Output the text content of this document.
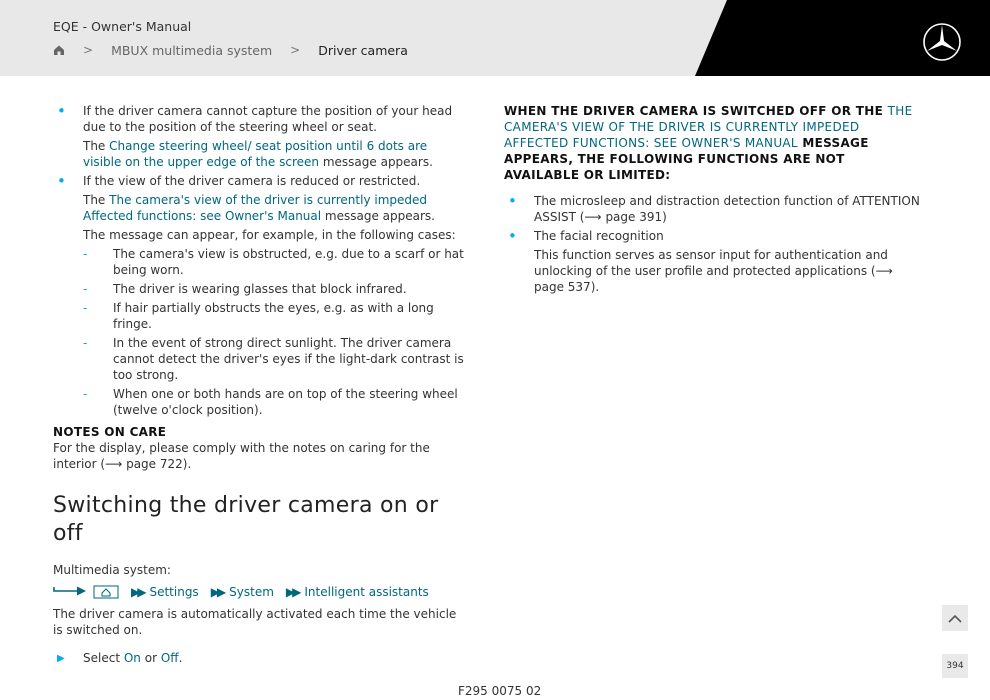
EQE - Owner's Manual
> MBUX multimedia system > Driver camera
• If the driver camera cannot capture the position of your head due to the position of the steering wheel or seat.
The Change steering wheel/ seat position until 6 dots are visible on the upper edge of the screen message appears.
• If the view of the driver camera is reduced or restricted.
The The camera's view of the driver is currently impeded Affected functions: see Owner's Manual message appears.
The message can appear, for example, in the following cases:
- The camera's view is obstructed, e.g. due to a scarf or hat being worn.
- The driver is wearing glasses that block infrared.
- If hair partially obstructs the eyes, e.g. as with a long fringe.
- In the event of strong direct sunlight. The driver camera cannot detect the driver's eyes if the light-dark contrast is too strong.
- When one or both hands are on top of the steering wheel (twelve o'clock position).
NOTES ON CARE
For the display, please comply with the notes on caring for the interior (⟶ page 722).
Switching the driver camera on or off
Multimedia system:
▶▶ Settings ▶▶ System ▶▶ Intelligent assistants
The driver camera is automatically activated each time the vehicle is switched on.
▶ Select On or Off.
WHEN THE DRIVER CAMERA IS SWITCHED OFF OR THE THE CAMERA'S VIEW OF THE DRIVER IS CURRENTLY IMPEDED AFFECTED FUNCTIONS: SEE OWNER'S MANUAL MESSAGE APPEARS, THE FOLLOWING FUNCTIONS ARE NOT AVAILABLE OR LIMITED:
• The microsleep and distraction detection function of ATTENTION ASSIST (⟶ page 391)
• The facial recognition
This function serves as sensor input for authentication and unlocking of the user profile and protected applications (⟶ page 537).
394
F295 0075 02
